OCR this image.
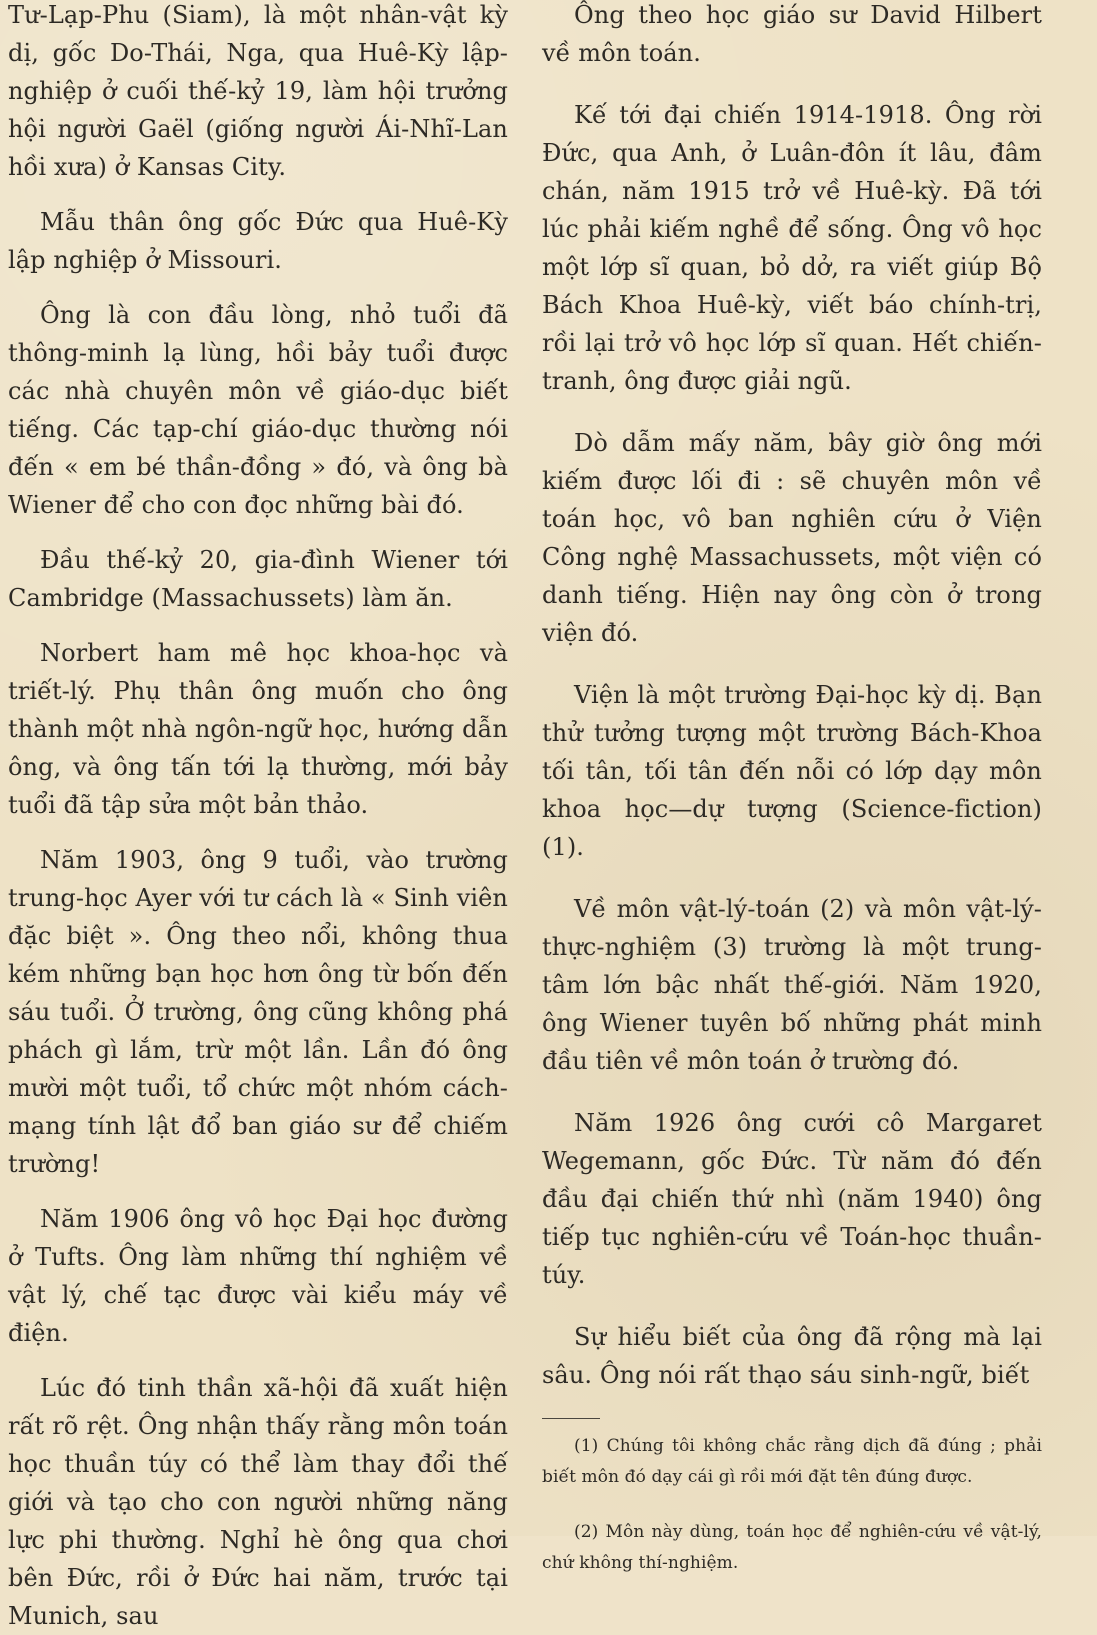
Tư-Lạp-Phu (Siam), là một nhân-vật kỳ dị, gốc Do-Thái, Nga, qua Huê-Kỳ lập-nghiệp ở cuối thế-kỷ 19, làm hội trưởng hội người Gaël (giống người Ái-Nhĩ-Lan hồi xưa) ở Kansas City.

Mẫu thân ông gốc Đức qua Huê-Kỳ lập nghiệp ở Missouri.

Ông là con đầu lòng, nhỏ tuổi đã thông-minh lạ lùng, hồi bảy tuổi được các nhà chuyên môn về giáo-dục biết tiếng. Các tạp-chí giáo-dục thường nói đến « em bé thần-đồng » đó, và ông bà Wiener để cho con đọc những bài đó.

Đầu thế-kỷ 20, gia-đình Wiener tới Cambridge (Massachussets) làm ăn.

Norbert ham mê học khoa-học và triết-lý. Phụ thân ông muốn cho ông thành một nhà ngôn-ngữ học, hướng dẫn ông, và ông tấn tới lạ thường, mới bảy tuổi đã tập sửa một bản thảo.

Năm 1903, ông 9 tuổi, vào trường trung-học Ayer với tư cách là « Sinh viên đặc biệt ». Ông theo nổi, không thua kém những bạn học hơn ông từ bốn đến sáu tuổi. Ở trường, ông cũng không phá phách gì lắm, trừ một lần. Lần đó ông mười một tuổi, tổ chức một nhóm cách-mạng tính lật đổ ban giáo sư để chiếm trường!

Năm 1906 ông vô học Đại học đường ở Tufts. Ông làm những thí nghiệm về vật lý, chế tạc được vài kiểu máy về điện.

Lúc đó tinh thần xã-hội đã xuất hiện rất rõ rệt. Ông nhận thấy rằng môn toán học thuần túy có thể làm thay đổi thế giới và tạo cho con người những năng lực phi thường. Nghỉ hè ông qua chơi bên Đức, rồi ở Đức hai năm, trước tại Munich, sau

Ông theo học giáo sư David Hilbert về môn toán.

Kế tới đại chiến 1914-1918. Ông rời Đức, qua Anh, ở Luân-đôn ít lâu, đâm chán, năm 1915 trở về Huê-kỳ. Đã tới lúc phải kiếm nghề để sống. Ông vô học một lớp sĩ quan, bỏ dở, ra viết giúp Bộ Bách Khoa Huê-kỳ, viết báo chính-trị, rồi lại trở vô học lớp sĩ quan. Hết chiến-tranh, ông được giải ngũ.

Dò dẫm mấy năm, bây giờ ông mới kiếm được lối đi : sẽ chuyên môn về toán học, vô ban nghiên cứu ở Viện Công nghệ Massachussets, một viện có danh tiếng. Hiện nay ông còn ở trong viện đó.

Viện là một trường Đại-học kỳ dị. Bạn thử tưởng tượng một trường Bách-Khoa tối tân, tối tân đến nỗi có lớp dạy môn khoa học—dự tượng (Science-fiction) (1).

Về môn vật-lý-toán (2) và môn vật-lý-thực-nghiệm (3) trường là một trung-tâm lớn bậc nhất thế-giới. Năm 1920, ông Wiener tuyên bố những phát minh đầu tiên về môn toán ở trường đó.

Năm 1926 ông cưới cô Margaret Wegemann, gốc Đức. Từ năm đó đến đầu đại chiến thứ nhì (năm 1940) ông tiếp tục nghiên-cứu về Toán-học thuần-túy.

Sự hiểu biết của ông đã rộng mà lại sâu. Ông nói rất thạo sáu sinh-ngữ, biết

(1) Chúng tôi không chắc rằng dịch đã đúng ; phải biết môn đó dạy cái gì rồi mới đặt tên đúng được.

(2) Môn này dùng, toán học để nghiên-cứu về vật-lý, chứ không thí-nghiệm.
